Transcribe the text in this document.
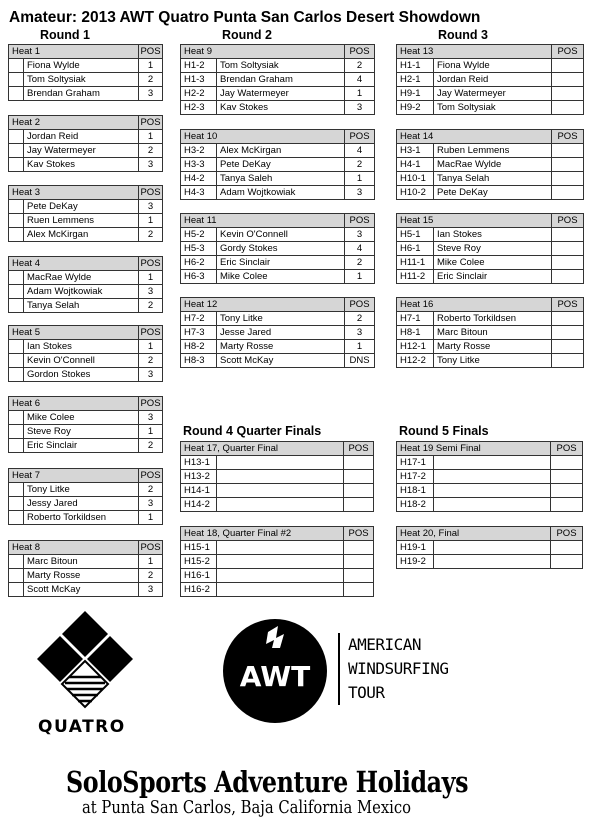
Amateur: 2013 AWT Quatro Punta San Carlos Desert Showdown
Round 1	Round 2	Round 3
Round 4 Quarter Finals	Round 5 Finals
Heat 1		POS
	Fiona Wylde	1
	Tom Soltysiak	2
	Brendan Graham	3
Heat 2		POS
	Jordan Reid	1
	Jay Watermeyer	2
	Kav Stokes	3
Heat 3		POS
	Pete DeKay	3
	Ruen Lemmens	1
	Alex McKirgan	2
Heat 4		POS
	MacRae Wylde	1
	Adam Wojtkowiak	3
	Tanya Selah	2
Heat 5		POS
	Ian Stokes	1
	Kevin O'Connell	2
	Gordon Stokes	3
Heat 6		POS
	Mike Colee	3
	Steve Roy	1
	Eric Sinclair	2
Heat 7		POS
	Tony Litke	2
	Jessy Jared	3
	Roberto Torkildsen	1
Heat 8		POS
	Marc Bitoun	1
	Marty Rosse	2
	Scott McKay	3
Heat 9		POS
H1-2	Tom Soltysiak	2
H1-3	Brendan Graham	4
H2-2	Jay Watermeyer	1
H2-3	Kav Stokes	3
Heat 10		POS
H3-2	Alex McKirgan	4
H3-3	Pete DeKay	2
H4-2	Tanya Saleh	1
H4-3	Adam Wojtkowiak	3
Heat 11		POS
H5-2	Kevin O'Connell	3
H5-3	Gordy Stokes	4
H6-2	Eric Sinclair	2
H6-3	Mike Colee	1
Heat 12		POS
H7-2	Tony Litke	2
H7-3	Jesse Jared	3
H8-2	Marty Rosse	1
H8-3	Scott McKay	DNS
Heat 13		POS
H1-1	Fiona Wylde	
H2-1	Jordan Reid	
H9-1	Jay Watermeyer	
H9-2	Tom Soltysiak	
Heat 14		POS
H3-1	Ruben Lemmens	
H4-1	MacRae Wylde	
H10-1	Tanya Selah	
H10-2	Pete DeKay	
Heat 15		POS
H5-1	Ian Stokes	
H6-1	Steve Roy	
H11-1	Mike Colee	
H11-2	Eric Sinclair	
Heat 16		POS
H7-1	Roberto Torkildsen	
H8-1	Marc Bitoun	
H12-1	Marty Rosse	
H12-2	Tony Litke	
Heat 17, Quarter Final		POS
H13-1		
H13-2		
H14-1		
H14-2		
Heat 18, Quarter Final #2		POS
H15-1		
H15-2		
H16-1		
H16-2		
Heat 19 Semi Final		POS
H17-1		
H17-2		
H18-1		
H18-2		
Heat 20, Final		POS
H19-1		
H19-2		
QUATRO
AWT
AMERICAN
WINDSURFING
TOUR
SoloSports Adventure Holidays
at Punta San Carlos, Baja California Mexico
